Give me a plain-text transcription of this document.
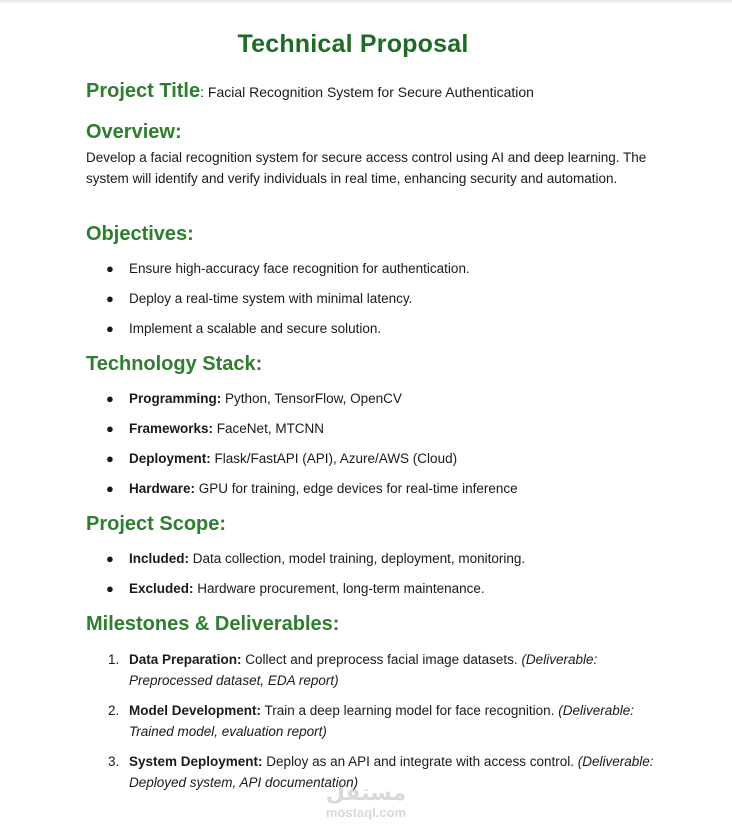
Technical Proposal
Project Title: Facial Recognition System for Secure Authentication
Overview:

Develop a facial recognition system for secure access control using AI and deep learning. The system will identify and verify individuals in real time, enhancing security and automation.

Objectives:
● Ensure high-accuracy face recognition for authentication.
● Deploy a real-time system with minimal latency.
● Implement a scalable and secure solution.
Technology Stack:
● Programming: Python, TensorFlow, OpenCV
● Frameworks: FaceNet, MTCNN
● Deployment: Flask/FastAPI (API), Azure/AWS (Cloud)
● Hardware: GPU for training, edge devices for real-time inference
Project Scope:
● Included: Data collection, model training, deployment, monitoring.
● Excluded: Hardware procurement, long-term maintenance.
Milestones & Deliverables:
1. Data Preparation: Collect and preprocess facial image datasets. (Deliverable: Preprocessed dataset, EDA report)
2. Model Development: Train a deep learning model for face recognition. (Deliverable: Trained model, evaluation report)
3. System Deployment: Deploy as an API and integrate with access control. (Deliverable: Deployed system, API documentation)
مستقل
mostaql.com
